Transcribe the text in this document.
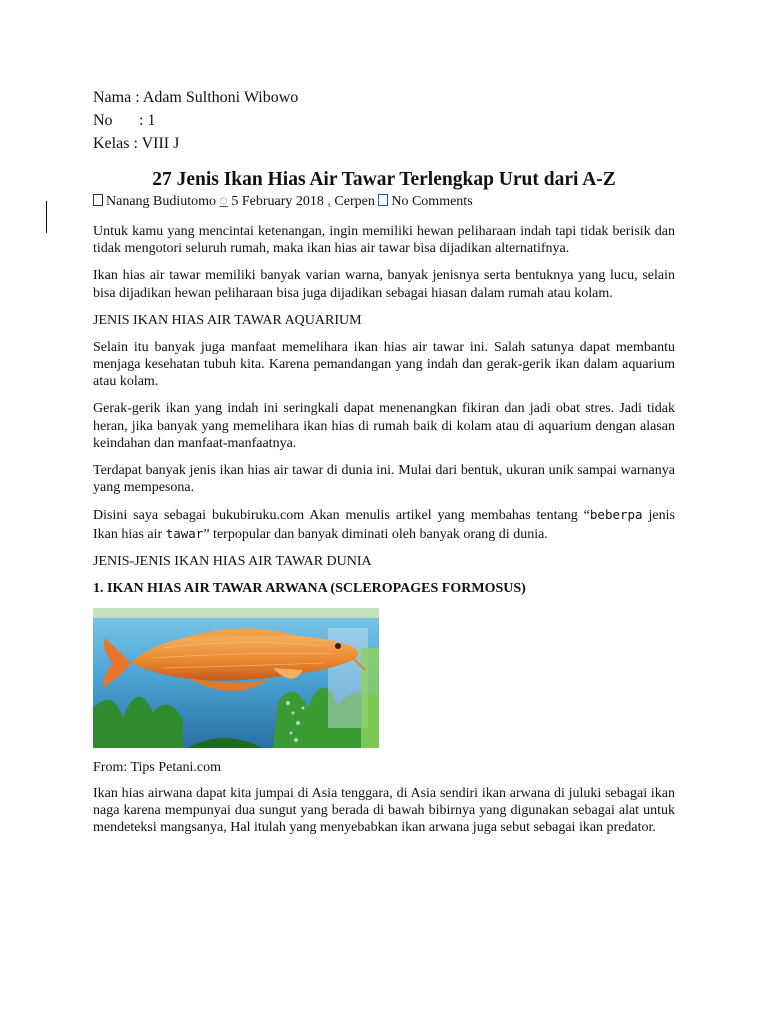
Nama : Adam Sulthoni Wibowo

No : 1

Kelas : VIII J

27 Jenis Ikan Hias Air Tawar Terlengkap Urut dari A-Z
Nanang Budiutomo ◌ 5 February 2018 , Cerpen No Comments

Untuk kamu yang mencintai ketenangan, ingin memiliki hewan peliharaan indah tapi tidak berisik dan tidak mengotori seluruh rumah, maka ikan hias air tawar bisa dijadikan alternatifnya.

Ikan hias air tawar memiliki banyak varian warna, banyak jenisnya serta bentuknya yang lucu, selain bisa dijadikan hewan peliharaan bisa juga dijadikan sebagai hiasan dalam rumah atau kolam.

JENIS IKAN HIAS AIR TAWAR AQUARIUM

Selain itu banyak juga manfaat memelihara ikan hias air tawar ini. Salah satunya dapat membantu menjaga kesehatan tubuh kita. Karena pemandangan yang indah dan gerak-gerik ikan dalam aquarium atau kolam.

Gerak-gerik ikan yang indah ini seringkali dapat menenangkan fikiran dan jadi obat stres. Jadi tidak heran, jika banyak yang memelihara ikan hias di rumah baik di kolam atau di aquarium dengan alasan keindahan dan manfaat-manfaatnya.

Terdapat banyak jenis ikan hias air tawar di dunia ini. Mulai dari bentuk, ukuran unik sampai warnanya yang mempesona.

Disini saya sebagai bukubiruku.com Akan menulis artikel yang membahas tentang “beberpa jenis Ikan hias air tawar” terpopular dan banyak diminati oleh banyak orang di dunia.

JENIS-JENIS IKAN HIAS AIR TAWAR DUNIA

1. IKAN HIAS AIR TAWAR ARWANA (SCLEROPAGES FORMOSUS)

From: Tips Petani.com

Ikan hias airwana dapat kita jumpai di Asia tenggara, di Asia sendiri ikan arwana di juluki sebagai ikan naga karena mempunyai dua sungut yang berada di bawah bibirnya yang digunakan sebagai alat untuk mendeteksi mangsanya, Hal itulah yang menyebabkan ikan arwana juga sebut sebagai ikan predator.
